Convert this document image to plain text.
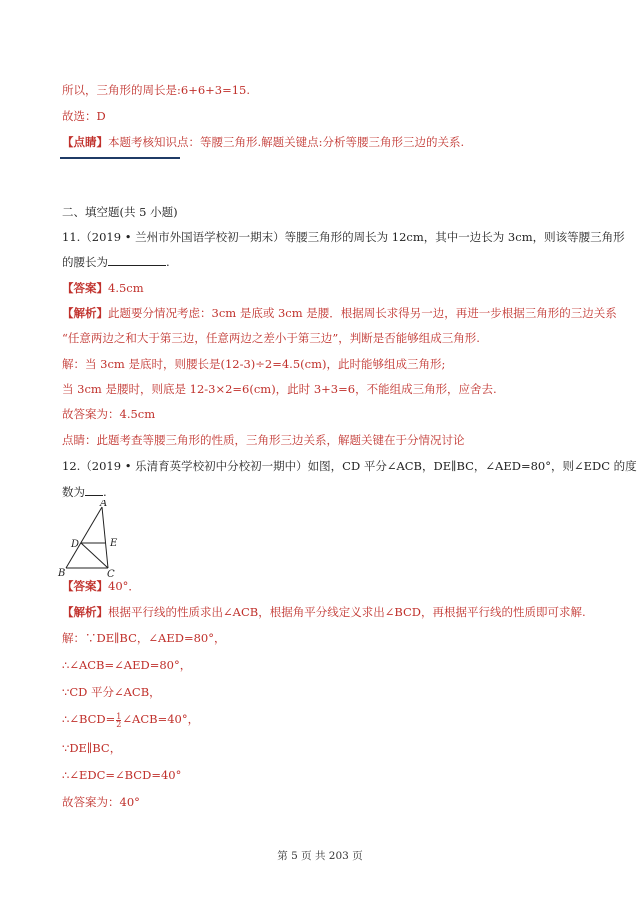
所以，三角形的周长是:6+6+3=15.
故选：D
【点睛】本题考核知识点：等腰三角形.解题关键点:分析等腰三角形三边的关系.
二、填空题(共 5 小题)
11.（2019 • 兰州市外国语学校初一期末）等腰三角形的周长为 12cm，其中一边长为 3cm，则该等腰三角形
的腰长为	.
【答案】4.5cm
【解析】此题要分情况考虑：3cm 是底或 3cm 是腰．根据周长求得另一边，再进一步根据三角形的三边关系
“任意两边之和大于第三边，任意两边之差小于第三边”，判断是否能够组成三角形.
解：当 3cm 是底时，则腰长是(12-3)÷2=4.5(cm)，此时能够组成三角形;
当 3cm 是腰时，则底是 12-3×2=6(cm)，此时 3+3=6，不能组成三角形，应舍去.
故答案为：4.5cm
点睛：此题考查等腰三角形的性质，三角形三边关系，解题关键在于分情况讨论
12.（2019 • 乐清育英学校初中分校初一期中）如图，CD 平分∠ACB，DE∥BC，∠AED=80°，则∠EDC 的度
数为 .
A
D	E
B	C
【答案】40°．
【解析】根据平行线的性质求出∠ACB，根据角平分线定义求出∠BCD，再根据平行线的性质即可求解.
解：∵DE∥BC，∠AED=80°，
∴∠ACB=∠AED=80°，
∵CD 平分∠ACB，
∴∠BCD= $\frac{1}{2}$ ∠ACB=40°，
∵DE∥BC，
∴∠EDC=∠BCD=40°
故答案为：40°
第 5 页 共 203 页
